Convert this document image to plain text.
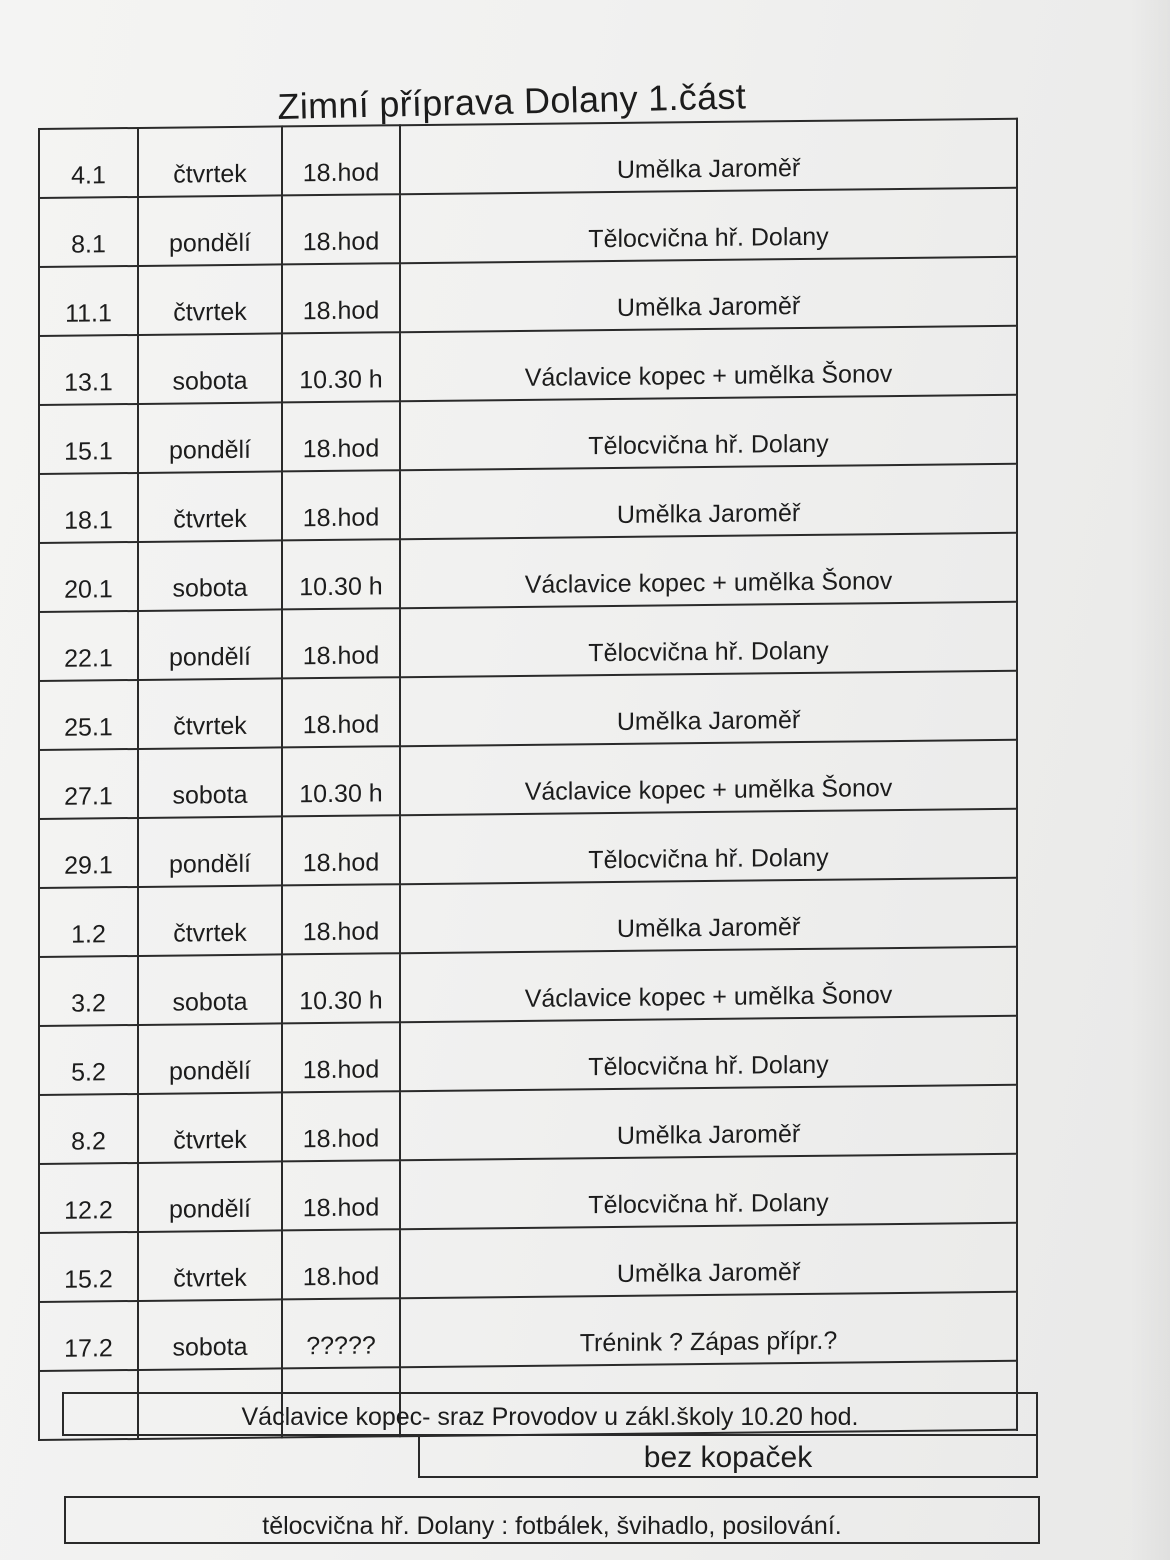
Zimní příprava Dolany 1.část
4.1	čtvrtek	18.hod	Umělka Jaroměř
8.1	pondělí	18.hod	Tělocvična hř. Dolany
11.1	čtvrtek	18.hod	Umělka Jaroměř
13.1	sobota	10.30 h	Václavice kopec + umělka Šonov
15.1	pondělí	18.hod	Tělocvična hř. Dolany
18.1	čtvrtek	18.hod	Umělka Jaroměř
20.1	sobota	10.30 h	Václavice kopec + umělka Šonov
22.1	pondělí	18.hod	Tělocvična hř. Dolany
25.1	čtvrtek	18.hod	Umělka Jaroměř
27.1	sobota	10.30 h	Václavice kopec + umělka Šonov
29.1	pondělí	18.hod	Tělocvična hř. Dolany
1.2	čtvrtek	18.hod	Umělka Jaroměř
3.2	sobota	10.30 h	Václavice kopec + umělka Šonov
5.2	pondělí	18.hod	Tělocvična hř. Dolany
8.2	čtvrtek	18.hod	Umělka Jaroměř
12.2	pondělí	18.hod	Tělocvična hř. Dolany
15.2	čtvrtek	18.hod	Umělka Jaroměř
17.2	sobota	?????	Trénink ? Zápas přípr.?

Václavice kopec- sraz Provodov u zákl.školy 10.20 hod.
bez kopaček
tělocvična hř. Dolany : fotbálek, švihadlo, posilování.
